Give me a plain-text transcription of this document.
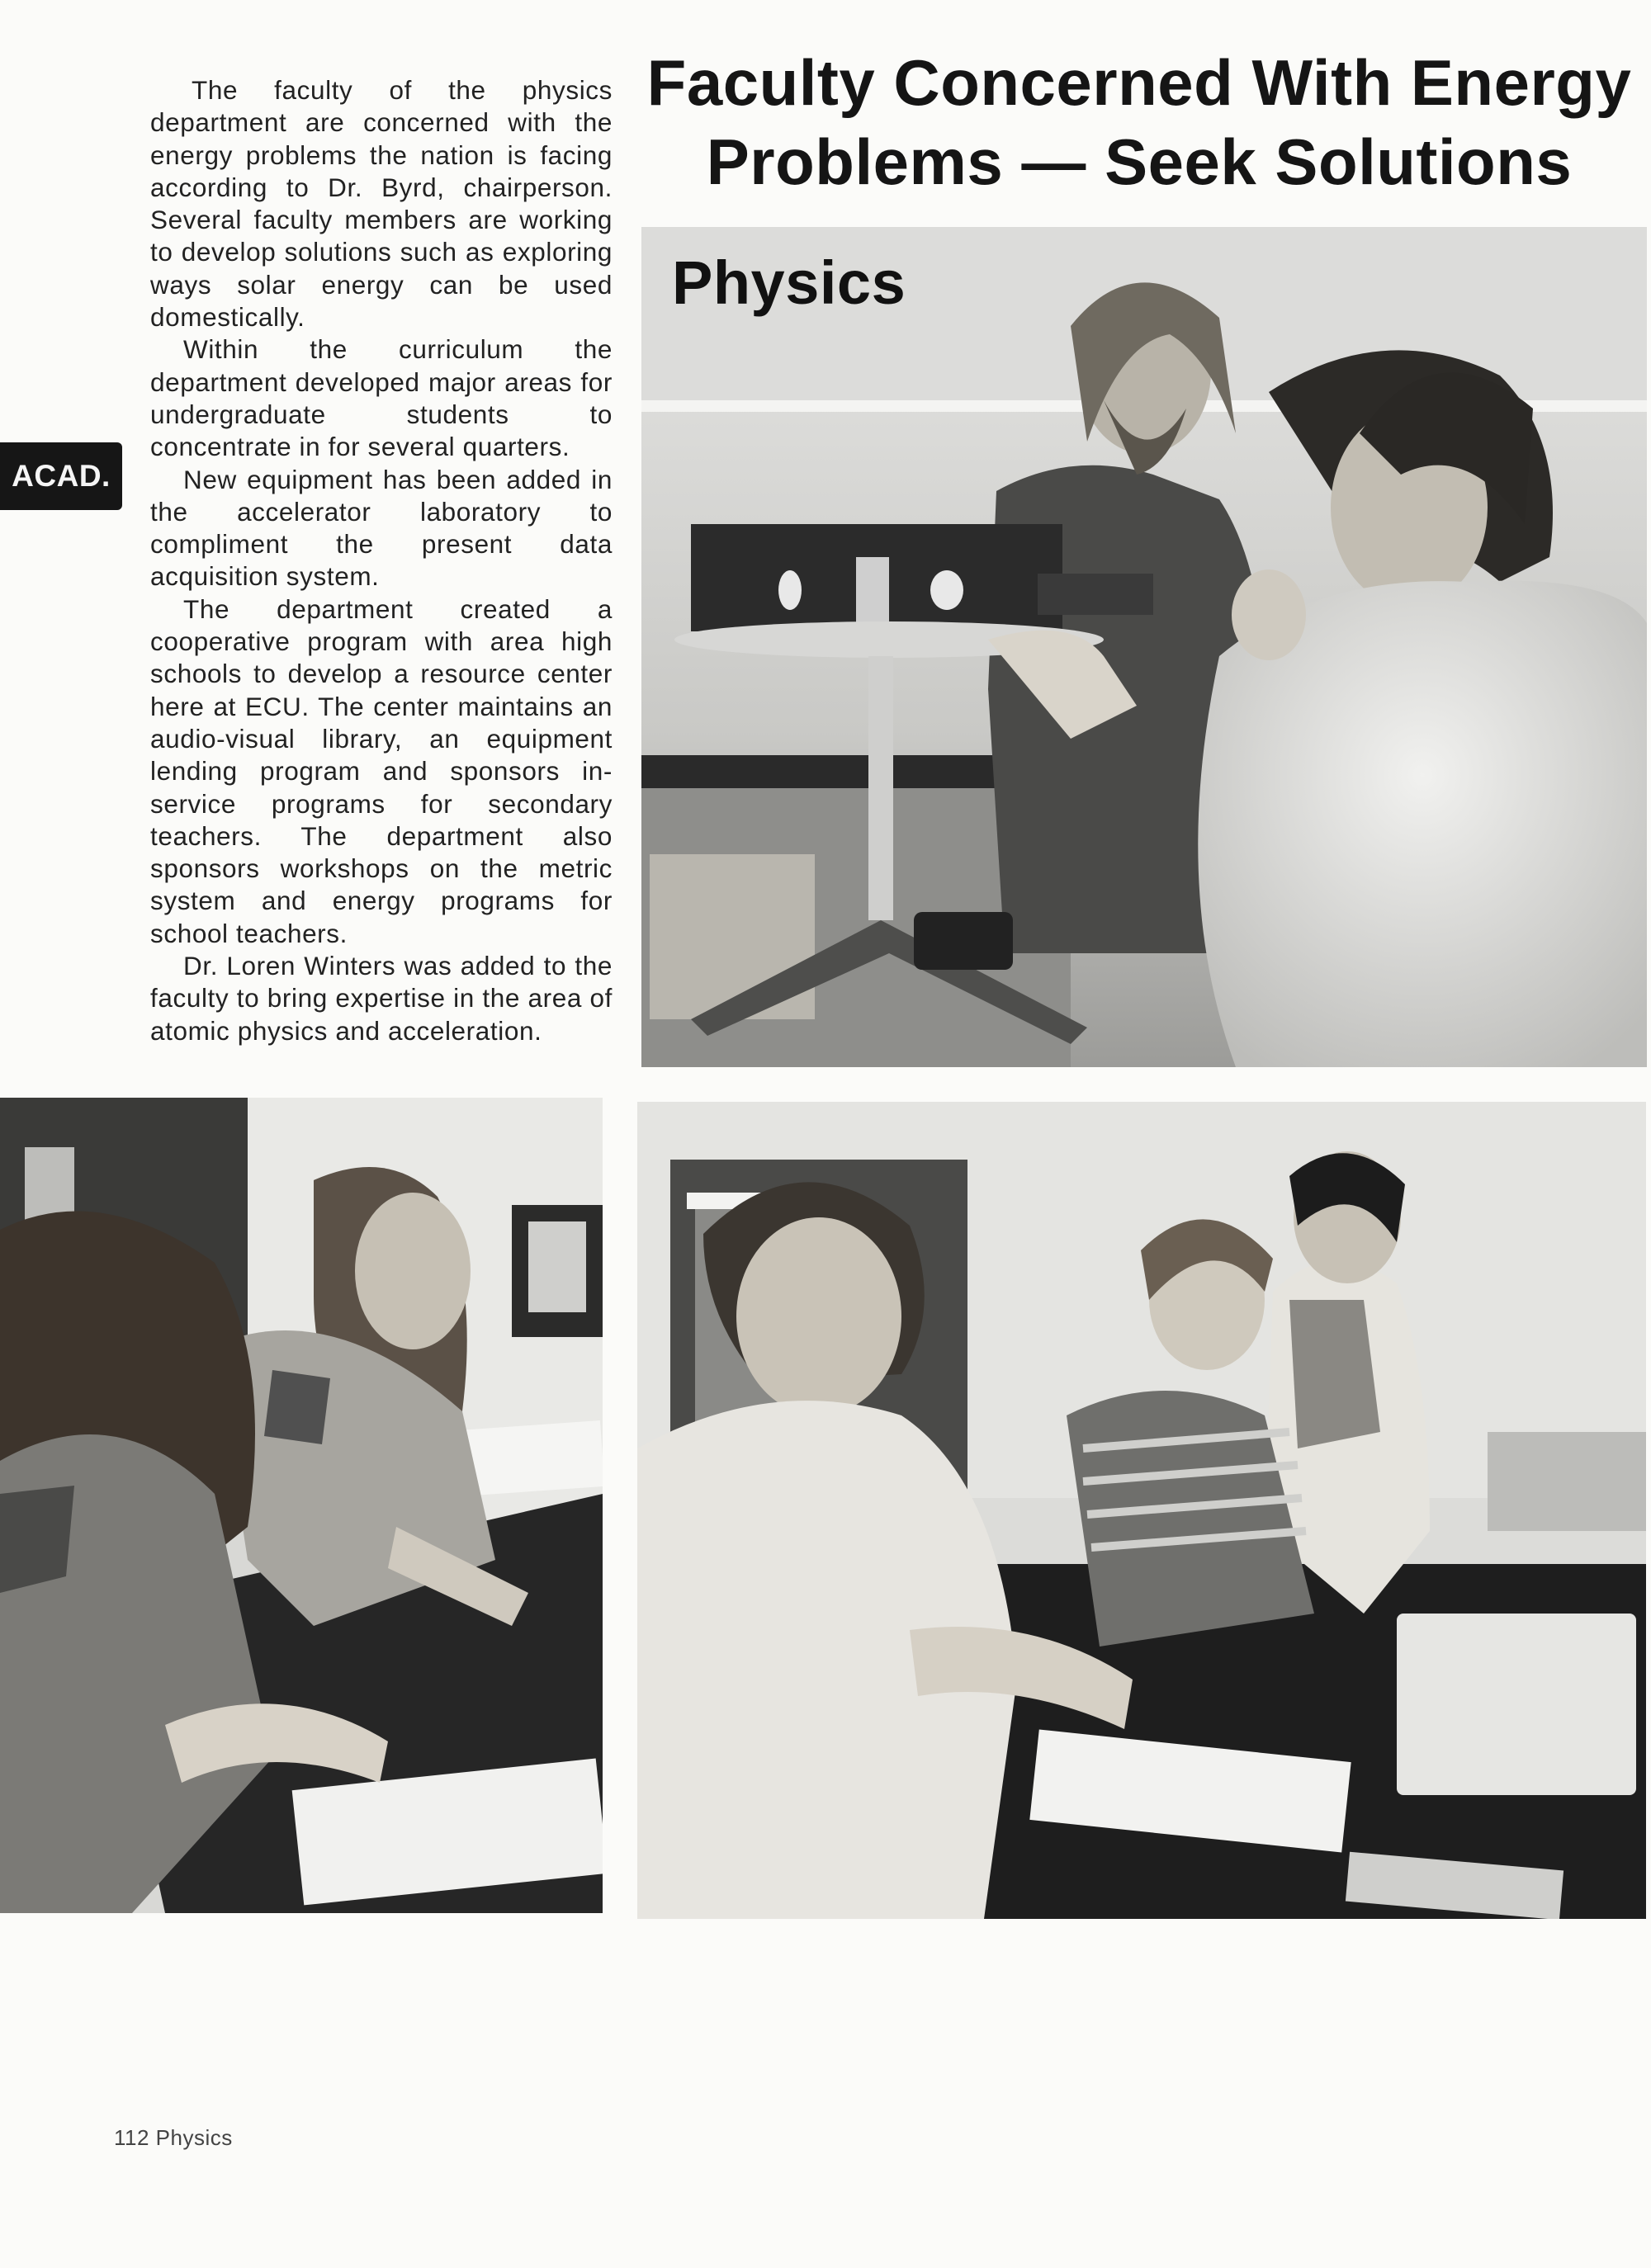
The faculty of the physics department are concerned with the energy problems the nation is facing according to Dr. Byrd, chairperson. Several faculty members are working to develop solutions such as exploring ways solar energy can be used domestically.

Within the curriculum the department developed major areas for undergraduate students to concentrate in for several quarters.

New equipment has been added in the accelerator laboratory to compliment the present data acquisition system.

The department created a cooperative program with area high schools to develop a resource center here at ECU. The center maintains an audio-visual library, an equipment lending program and sponsors in-service programs for secondary teachers. The department also sponsors workshops on the metric system and energy programs for school teachers.

Dr. Loren Winters was added to the faculty to bring expertise in the area of atomic physics and acceleration.

ACAD.
Faculty Concerned With Energy
Problems — Seek Solutions
Physics
112 Physics
